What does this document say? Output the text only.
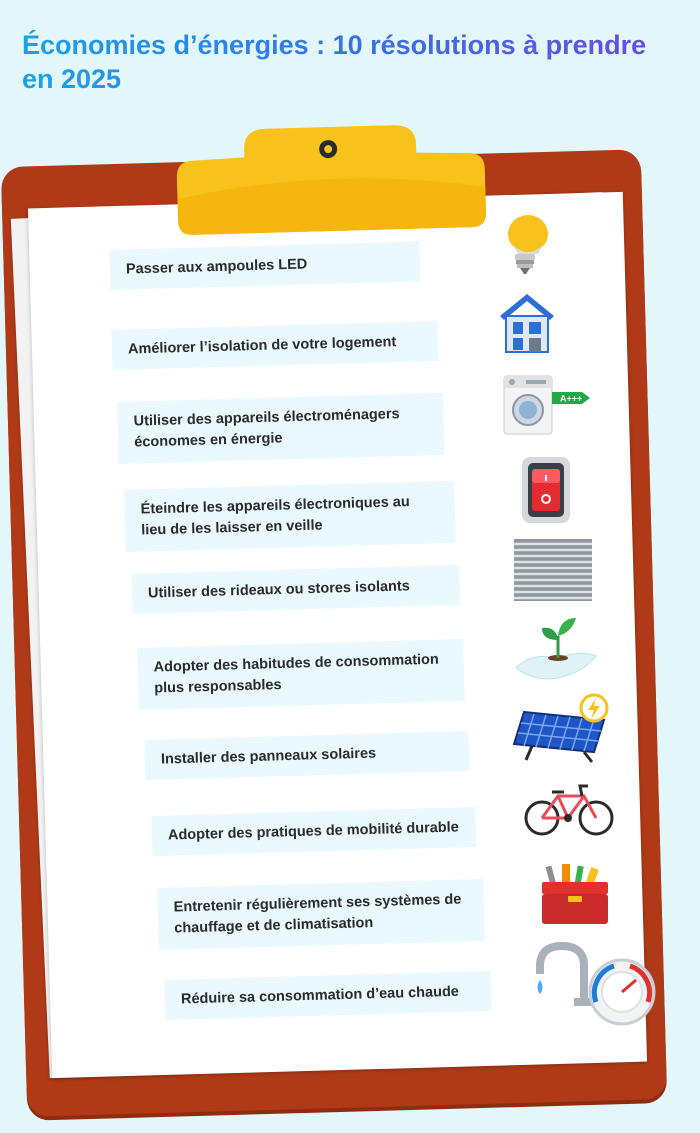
Économies d’énergies : 10 résolutions à prendre en 2025
Passer aux ampoules LED
Améliorer l’isolation de votre logement
Utiliser des appareils électroménagers économes en énergie
Éteindre les appareils électroniques au lieu de les laisser en veille
Utiliser des rideaux ou stores isolants
Adopter des habitudes de consommation plus responsables
Installer des panneaux solaires
Adopter des pratiques de mobilité durable
Entretenir régulièrement ses systèmes de chauffage et de climatisation
Réduire sa consommation d’eau chaude
A+++
